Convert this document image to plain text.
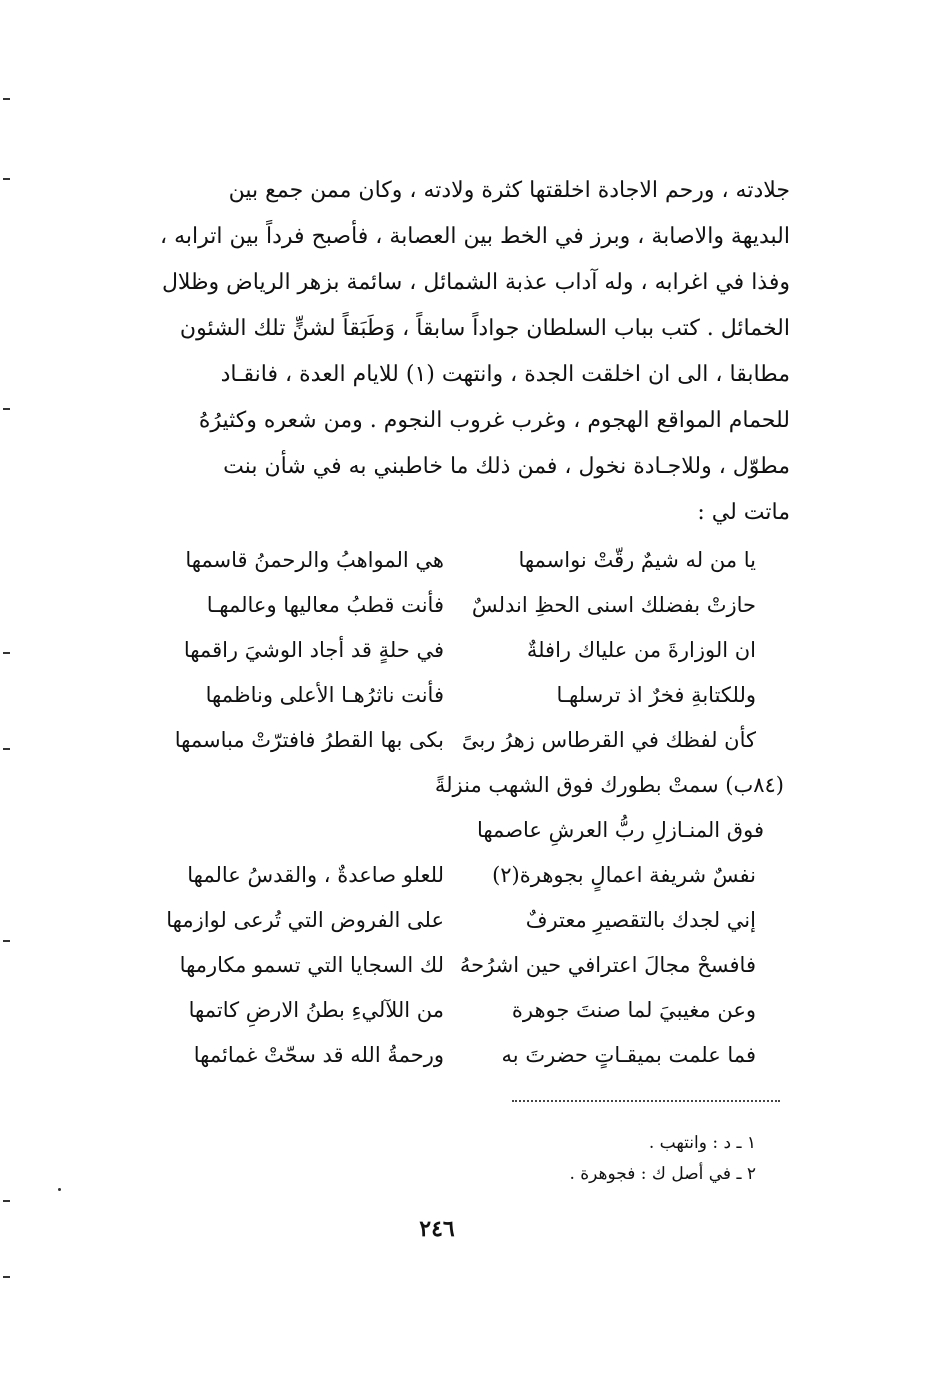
جلادته ، ورحم الاجادة اخلقتها كثرة ولادته ، وكان ممن جمع بين
البديهة والاصابة ، وبرز في الخط بين العصابة ، فأصبح فرداً بين اترابه ،
وفذا في اغرابه ، وله آداب عذبة الشمائل ، سائمة بزهر الرياض وظلال
الخمائل . كتب بباب السلطان جواداً سابقاً ، وَطَبَقاً لشنٍّ تلك الشئون
مطابقا ، الى ان اخلقت الجدة ، وانتهت (١) للايام العدة ، فانقـاد
للحمام المواقع الهجوم ، وغرب غروب النجوم . ومن شعره وكثيرُهُ
مطوّل ، وللاجـادة نخول ، فمن ذلك ما خاطبني به في شأن بنت
ماتت لي :
يا من له شيمٌ رقّتْ نواسمها
هي المواهبُ والرحمنُ قاسمها
حازتْ بفضلك اسنى الحظِ اندلسٌ
فأنت قطبُ معاليها وعالمهـا
ان الوزارةَ من علياك رافلةٌ
في حلةٍ قد أجاد الوشيَ راقمها
وللكتابةِ فخرٌ اذ ترسلهـا
فأنت ناثرُهـا الأعلى وناظمها
كأن لفظك في القرطاس زهرُ ربىً
بكى بها القطرُ فافترّتْ مباسمها
(٨٤ب) سمتْ بطورك فوق الشهب منزلةً
فوق المنـازلِ ربُّ العرشِ عاصمها
نفسٌ شريفة اعمالٍ بجوهرة(٢)
للعلو صاعدةٌ ، والقدسُ عالمها
إني لجدك بالتقصيرِ معترفٌ
على الفروض التي تُرعى لوازمها
فافسحْ مجالَ اعترافي حين اشرُحهُ
لك السجايا التي تسمو مكارمها
وعن مغيبيَ لما صنتَ جوهرة
من اللآليءِ بطنُ الارضِ كاتمها
فما علمت بميقـاتٍ حضرتَ به
ورحمةُ الله قد سحّتْ غمائمها
١ ـ د : وانتهب .
٢ ـ في أصل ك : فجوهرة .
٢٤٦
